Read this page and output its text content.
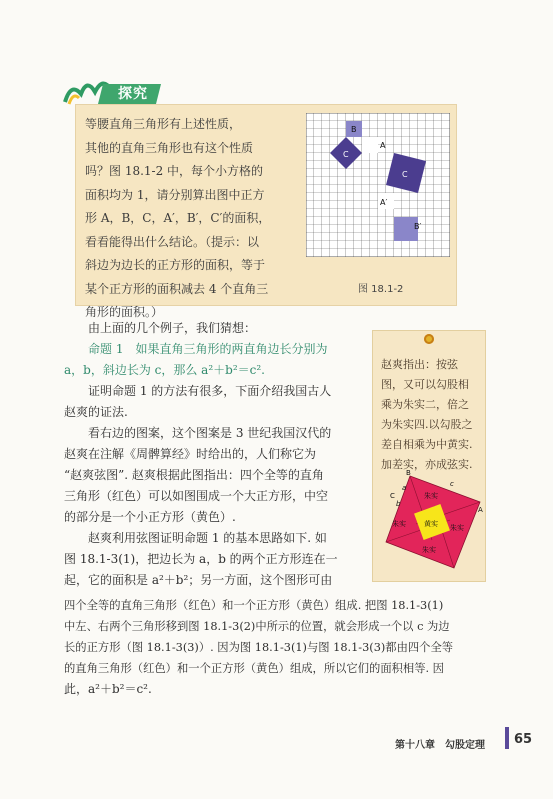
探究
等腰直角三角形有上述性质，
其他的直角三角形也有这个性质
吗？图 18.1-2 中，每个小方格的
面积均为 1，请分别算出图中正方
形 A，B，C，A′，B′，C′的面积，
看看能得出什么结论。（提示：以
斜边为边长的正方形的面积，等于
某个正方形的面积减去 4 个直角三
角形的面积。）
B
A
C
C
A′
B′
图 18.1-2
由上面的几个例子，我们猜想：
命题 1　如果直角三角形的两直角边长分别为
a，b，斜边长为 c，那么 a²＋b²＝c².
证明命题 1 的方法有很多，下面介绍我国古人
赵爽的证法.
看右边的图案，这个图案是 3 世纪我国汉代的
赵爽在注解《周髀算经》时给出的，人们称它为
“赵爽弦图”. 赵爽根据此图指出：四个全等的直角
三角形（红色）可以如图围成一个大正方形，中空
的部分是一个小正方形（黄色）.
赵爽利用弦图证明命题 1 的基本思路如下. 如
图 18.1-3(1)，把边长为 a，b 的两个正方形连在一
起，它的面积是 a²＋b²；另一方面，这个图形可由
四个全等的直角三角形（红色）和一个正方形（黄色）组成. 把图 18.1-3(1)
中左、右两个三角形移到图 18.1-3(2)中所示的位置，就会形成一个以 c 为边
长的正方形（图 18.1-3(3)）. 因为图 18.1-3(1)与图 18.1-3(3)都由四个全等
的直角三角形（红色）和一个正方形（黄色）组成，所以它们的面积相等. 因
此，a²＋b²＝c².
赵爽指出：按弦
图，又可以勾股相
乘为朱实二，倍之
为朱实四.以勾股之
差自相乘为中黄实.
加差实，亦成弦实.
B
C
A
a
b
c
朱实
朱实	朱实
朱实
黄实
第十八章　勾股定理 65
